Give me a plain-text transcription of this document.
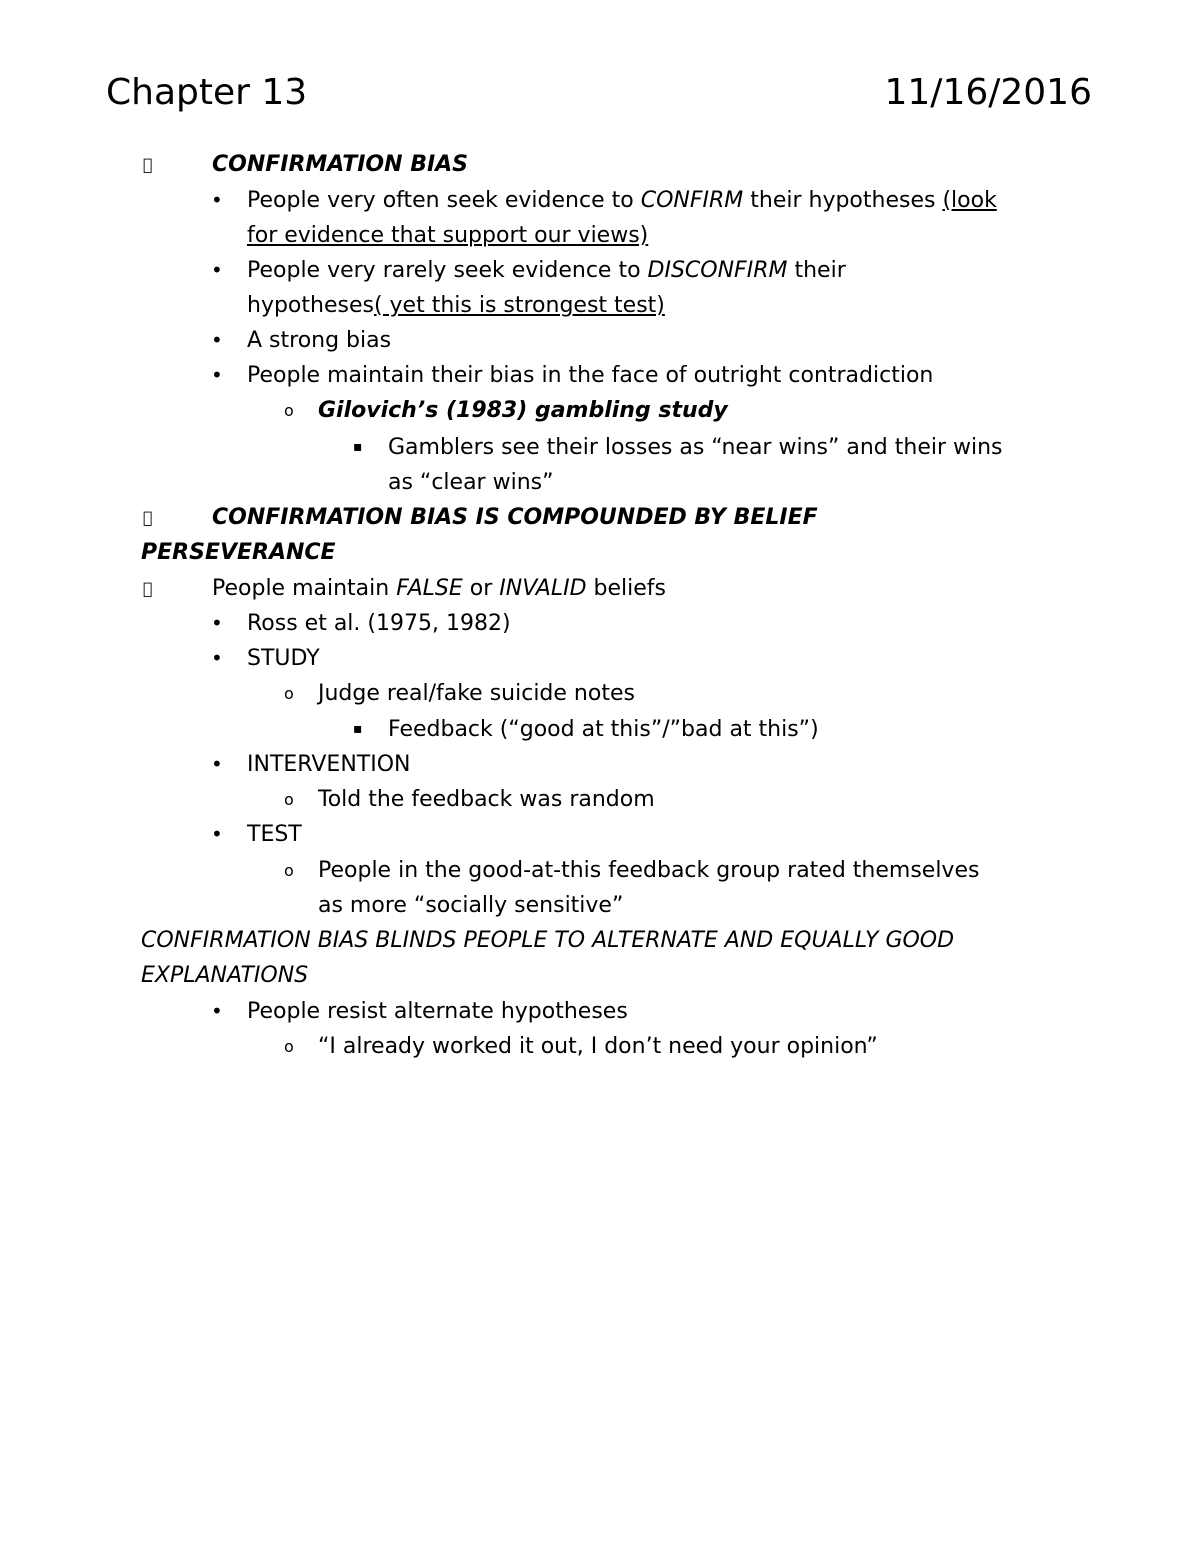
Chapter 13	11/16/2016
CONFIRMATION BIAS
• People very often seek evidence to CONFIRM their hypotheses (look
for evidence that support our views)
• People very rarely seek evidence to DISCONFIRM their
hypotheses( yet this is strongest test)
• A strong bias
• People maintain their bias in the face of outright contradiction
o Gilovich’s (1983) gambling study
▪ Gamblers see their losses as “near wins” and their wins
as “clear wins”
CONFIRMATION BIAS IS COMPOUNDED BY BELIEF
PERSEVERANCE
People maintain FALSE or INVALID beliefs
• Ross et al. (1975, 1982)
• STUDY
o Judge real/fake suicide notes
▪ Feedback (“good at this”/”bad at this”)
• INTERVENTION
o Told the feedback was random
• TEST
o People in the good-at-this feedback group rated themselves
as more “socially sensitive”
CONFIRMATION BIAS BLINDS PEOPLE TO ALTERNATE AND EQUALLY GOOD
EXPLANATIONS
• People resist alternate hypotheses
o “I already worked it out, I don’t need your opinion”
